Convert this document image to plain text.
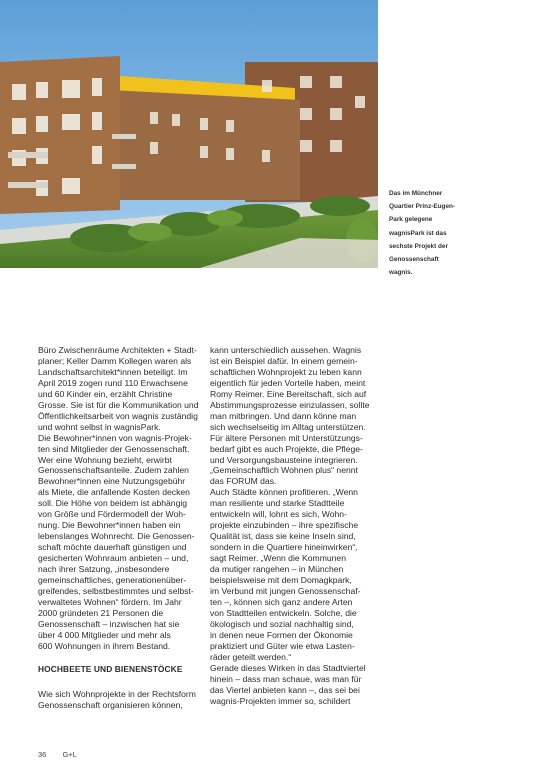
Das im Münchner
Quartier Prinz-Eugen-
Park gelegene
wagnisPark ist das
sechste Projekt der
Genossenschaft
wagnis.
Büro Zwischenräume Architekten + Stadt-
planer; Keller Damm Kollegen waren als
Landschaftsarchitekt*innen beteiligt. Im
April 2019 zogen rund 110 Erwachsene
und 60 Kinder ein, erzählt Christine
Grosse. Sie ist für die Kommunikation und
Öffentlichkeitsarbeit von wagnis zuständig
und wohnt selbst in wagnisPark.
Die Bewohner*innen von wagnis-Projek-
ten sind Mitglieder der Genossenschaft.
Wer eine Wohnung bezieht, erwirbt
Genossenschaftsanteile. Zudem zahlen
Bewohner*innen eine Nutzungsgebühr
als Miete, die anfallende Kosten decken
soll. Die Höhe von beidem ist abhängig
von Größe und Fördermodell der Woh-
nung. Die Bewohner*innen haben ein
lebenslanges Wohnrecht. Die Genossen-
schaft möchte dauerhaft günstigen und
gesicherten Wohnraum anbieten – und,
nach ihrer Satzung, „insbesondere
gemeinschaftliches, generationenüber-
greifendes, selbstbestimmtes und selbst-
verwaltetes Wohnen“ fördern. Im Jahr
2000 gründeten 21 Personen die
Genossenschaft – inzwischen hat sie
über 4 000 Mitglieder und mehr als
600 Wohnungen in ihrem Bestand.
HOCHBEETE UND BIENENSTÖCKE
Wie sich Wohnprojekte in der Rechtsform
Genossenschaft organisieren können,
kann unterschiedlich aussehen. Wagnis
ist ein Beispiel dafür. In einem gemein-
schaftlichen Wohnprojekt zu leben kann
eigentlich für jeden Vorteile haben, meint
Romy Reimer. Eine Bereitschaft, sich auf
Abstimmungsprozesse einzulassen, sollte
man mitbringen. Und dann könne man
sich wechselseitig im Alltag unterstützen.
Für ältere Personen mit Unterstützungs-
bedarf gibt es auch Projekte, die Pflege-
und Versorgungsbausteine integrieren.
„Gemeinschaftlich Wohnen plus“ nennt
das FORUM das.
Auch Städte können profitieren. „Wenn
man resiliente und starke Stadtteile
entwickeln will, lohnt es sich, Wohn-
projekte einzubinden – ihre spezifische
Qualität ist, dass sie keine Inseln sind,
sondern in die Quartiere hineinwirken“,
sagt Reimer. „Wenn die Kommunen
da mutiger rangehen – in München
beispielsweise mit dem Domagkpark,
im Verbund mit jungen Genossenschaf-
ten –, können sich ganz andere Arten
von Stadtteilen entwickeln. Solche, die
ökologisch und sozial nachhaltig sind,
in denen neue Formen der Ökonomie
praktiziert und Güter wie etwa Lasten-
räder geteilt werden.“
Gerade dieses Wirken in das Stadtviertel
hinein – dass man schaue, was man für
das Viertel anbieten kann –, das sei bei
wagnis-Projekten immer so, schildert
36 G+L
